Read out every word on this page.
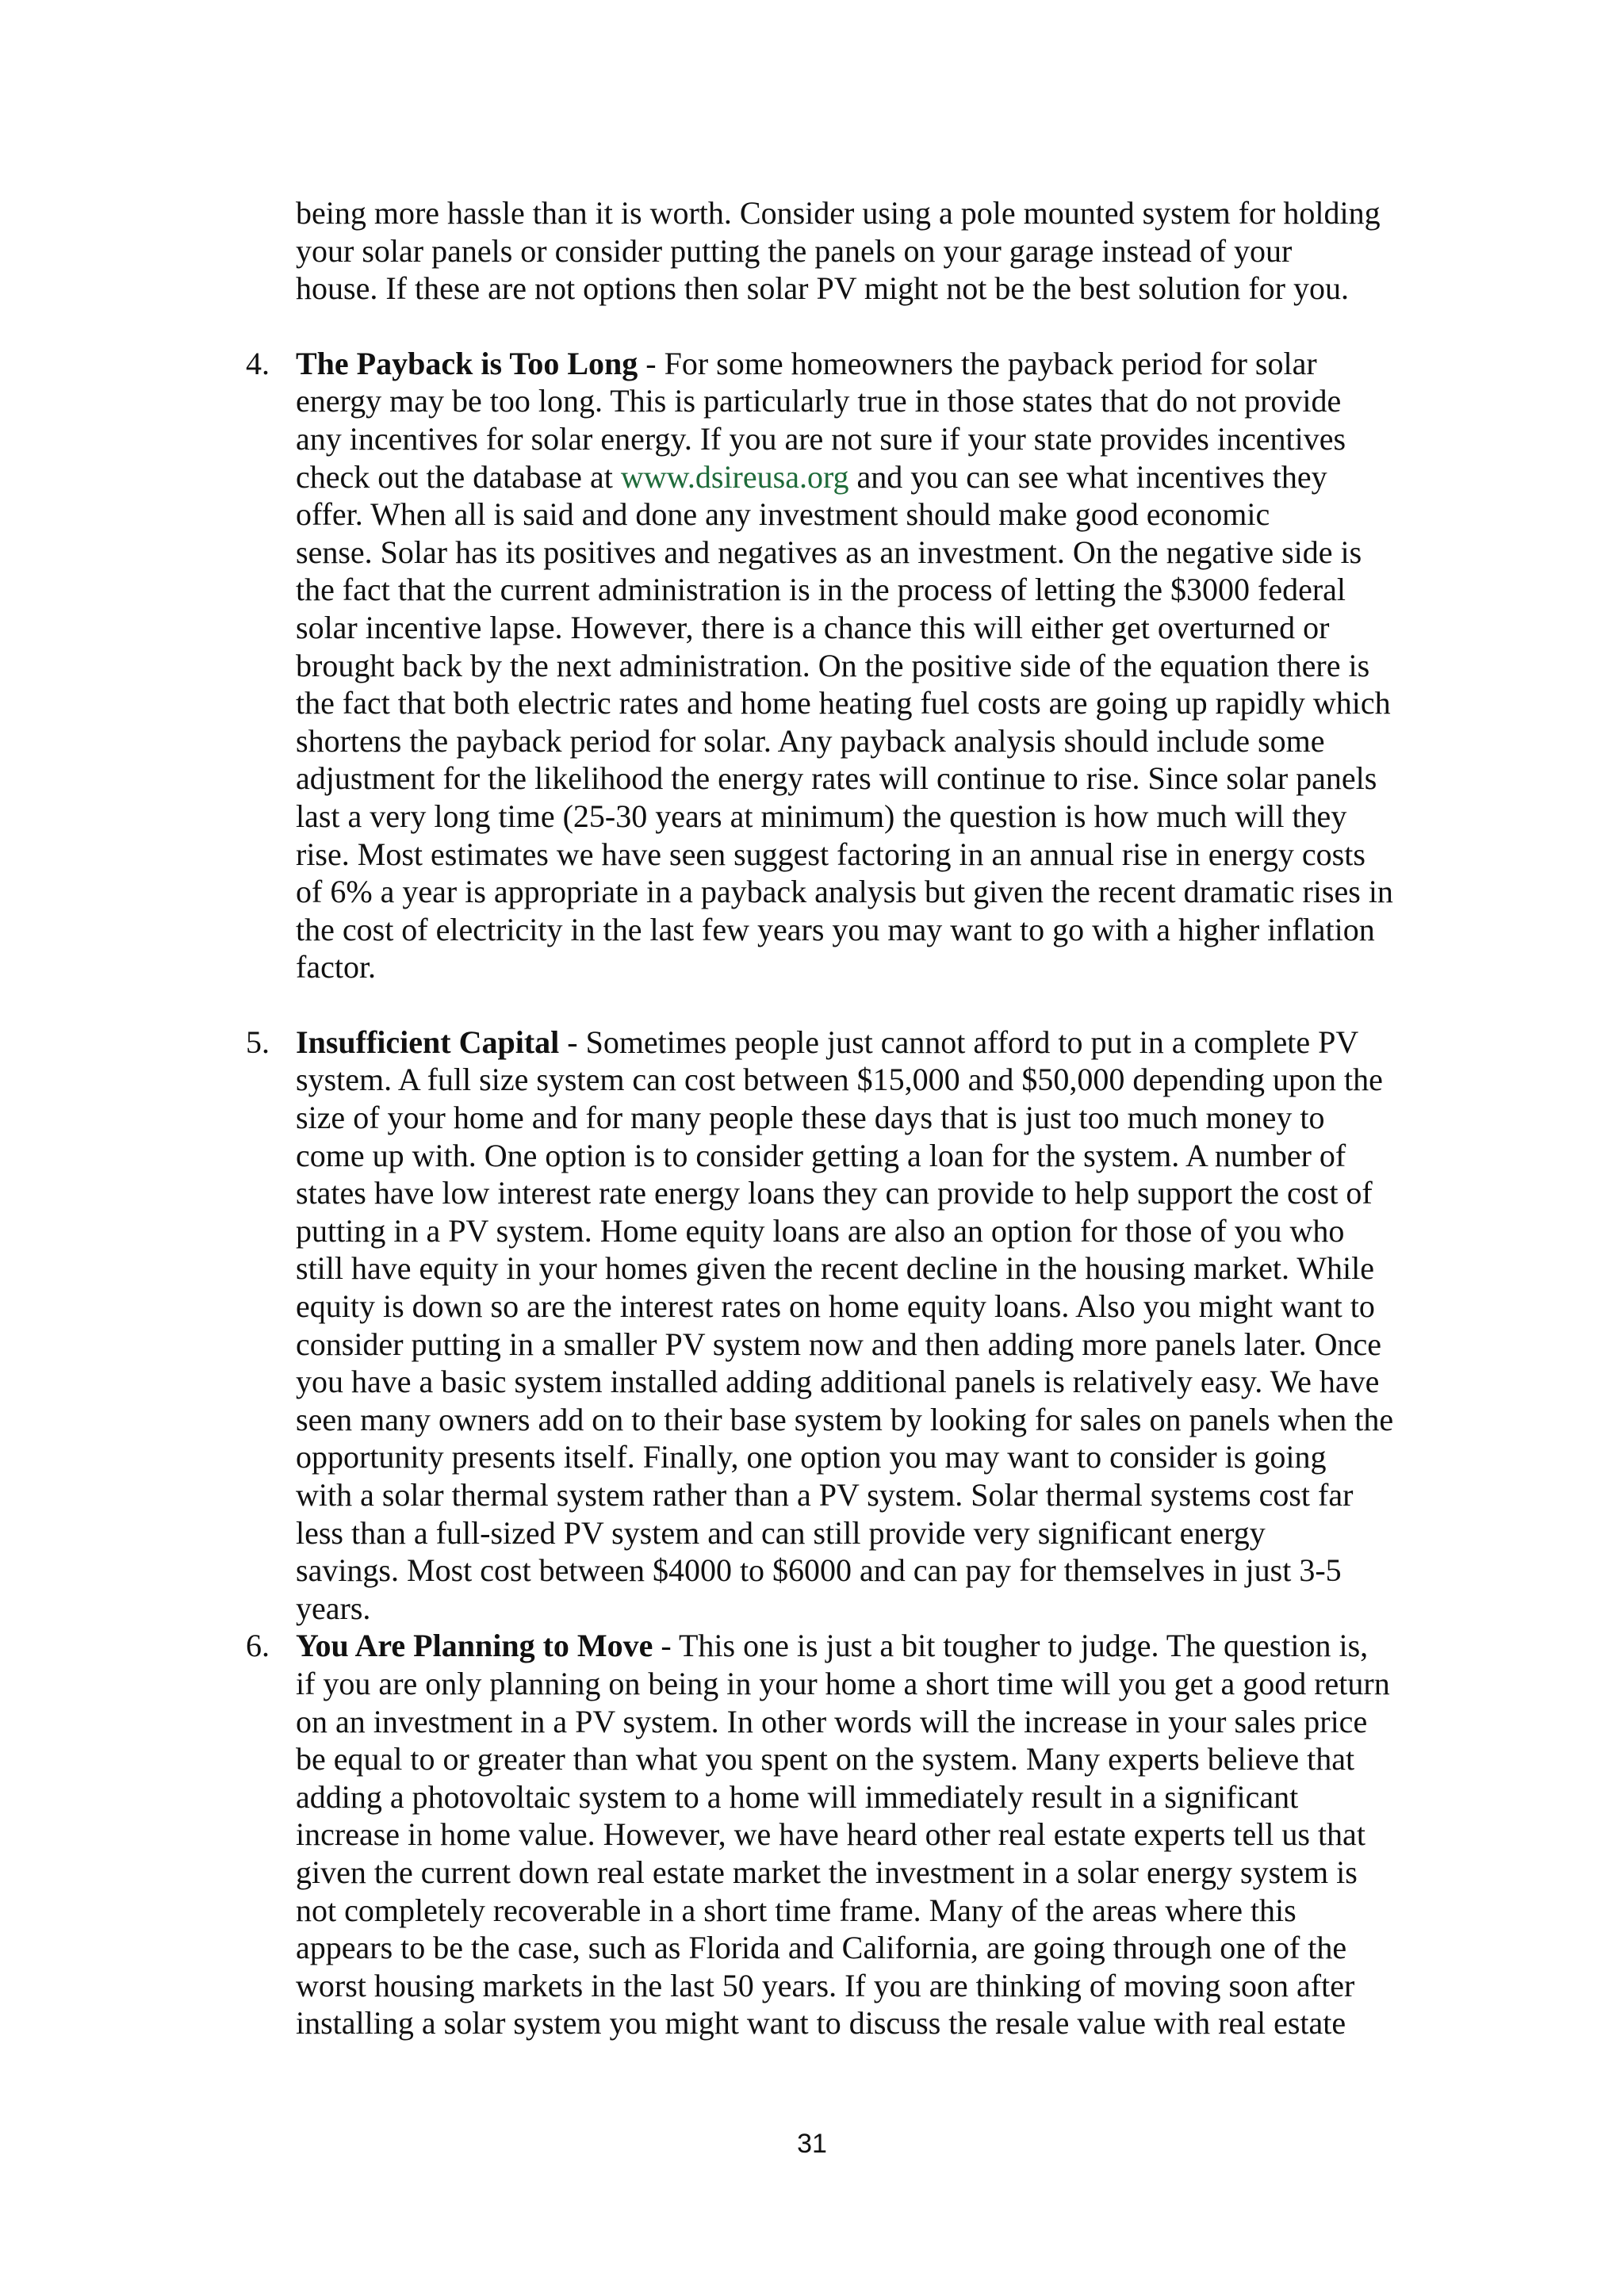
being more hassle than it is worth. Consider using a pole mounted system for holding
your solar panels or consider putting the panels on your garage instead of your
house. If these are not options then solar PV might not be the best solution for you.
4. The Payback is Too Long - For some homeowners the payback period for solar
energy may be too long. This is particularly true in those states that do not provide
any incentives for solar energy. If you are not sure if your state provides incentives
check out the database at www.dsireusa.org and you can see what incentives they
offer. When all is said and done any investment should make good economic
sense. Solar has its positives and negatives as an investment. On the negative side is
the fact that the current administration is in the process of letting the $3000 federal
solar incentive lapse. However, there is a chance this will either get overturned or
brought back by the next administration. On the positive side of the equation there is
the fact that both electric rates and home heating fuel costs are going up rapidly which
shortens the payback period for solar. Any payback analysis should include some
adjustment for the likelihood the energy rates will continue to rise. Since solar panels
last a very long time (25-30 years at minimum) the question is how much will they
rise. Most estimates we have seen suggest factoring in an annual rise in energy costs
of 6% a year is appropriate in a payback analysis but given the recent dramatic rises in
the cost of electricity in the last few years you may want to go with a higher inflation
factor.
5. Insufficient Capital - Sometimes people just cannot afford to put in a complete PV
system. A full size system can cost between $15,000 and $50,000 depending upon the
size of your home and for many people these days that is just too much money to
come up with. One option is to consider getting a loan for the system. A number of
states have low interest rate energy loans they can provide to help support the cost of
putting in a PV system. Home equity loans are also an option for those of you who
still have equity in your homes given the recent decline in the housing market. While
equity is down so are the interest rates on home equity loans. Also you might want to
consider putting in a smaller PV system now and then adding more panels later. Once
you have a basic system installed adding additional panels is relatively easy. We have
seen many owners add on to their base system by looking for sales on panels when the
opportunity presents itself. Finally, one option you may want to consider is going
with a solar thermal system rather than a PV system. Solar thermal systems cost far
less than a full-sized PV system and can still provide very significant energy
savings. Most cost between $4000 to $6000 and can pay for themselves in just 3-5
years.
6. You Are Planning to Move - This one is just a bit tougher to judge. The question is,
if you are only planning on being in your home a short time will you get a good return
on an investment in a PV system. In other words will the increase in your sales price
be equal to or greater than what you spent on the system. Many experts believe that
adding a photovoltaic system to a home will immediately result in a significant
increase in home value. However, we have heard other real estate experts tell us that
given the current down real estate market the investment in a solar energy system is
not completely recoverable in a short time frame. Many of the areas where this
appears to be the case, such as Florida and California, are going through one of the
worst housing markets in the last 50 years. If you are thinking of moving soon after
installing a solar system you might want to discuss the resale value with real estate
31
